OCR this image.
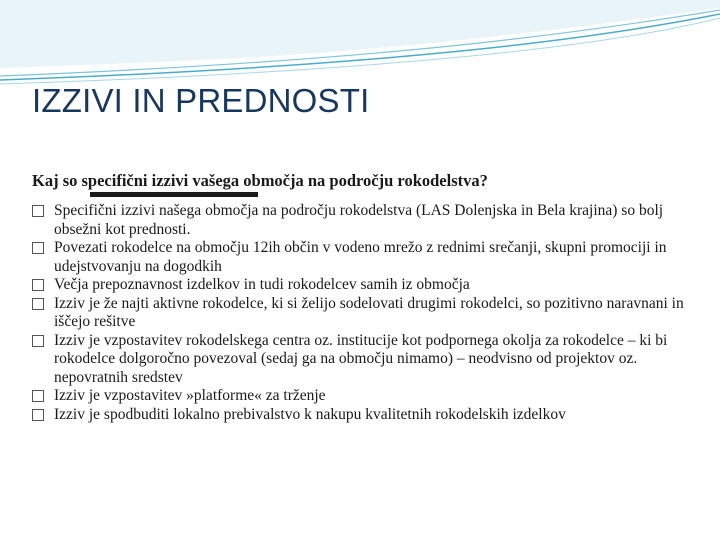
IZZIVI IN PREDNOSTI
Kaj so specifični izzivi vašega območja na področju rokodelstva?
Specifični izzivi našega območja na področju rokodelstva (LAS Dolenjska in Bela krajina) so bolj obsežni kot prednosti.
Povezati rokodelce na območju 12ih občin v vodeno mrežo z rednimi srečanji, skupni promociji in udejstvovanju na dogodkih
Večja prepoznavnost izdelkov in tudi rokodelcev samih iz območja
Izziv je že najti aktivne rokodelce, ki si želijo sodelovati drugimi rokodelci, so pozitivno naravnani in iščejo rešitve
Izziv je vzpostavitev rokodelskega centra oz. institucije kot podpornega okolja za rokodelce – ki bi rokodelce dolgoročno povezoval (sedaj ga na območju nimamo) – neodvisno od projektov oz. nepovratnih sredstev
Izziv je vzpostavitev »platforme« za trženje
Izziv je spodbuditi lokalno prebivalstvo k nakupu kvalitetnih rokodelskih izdelkov
